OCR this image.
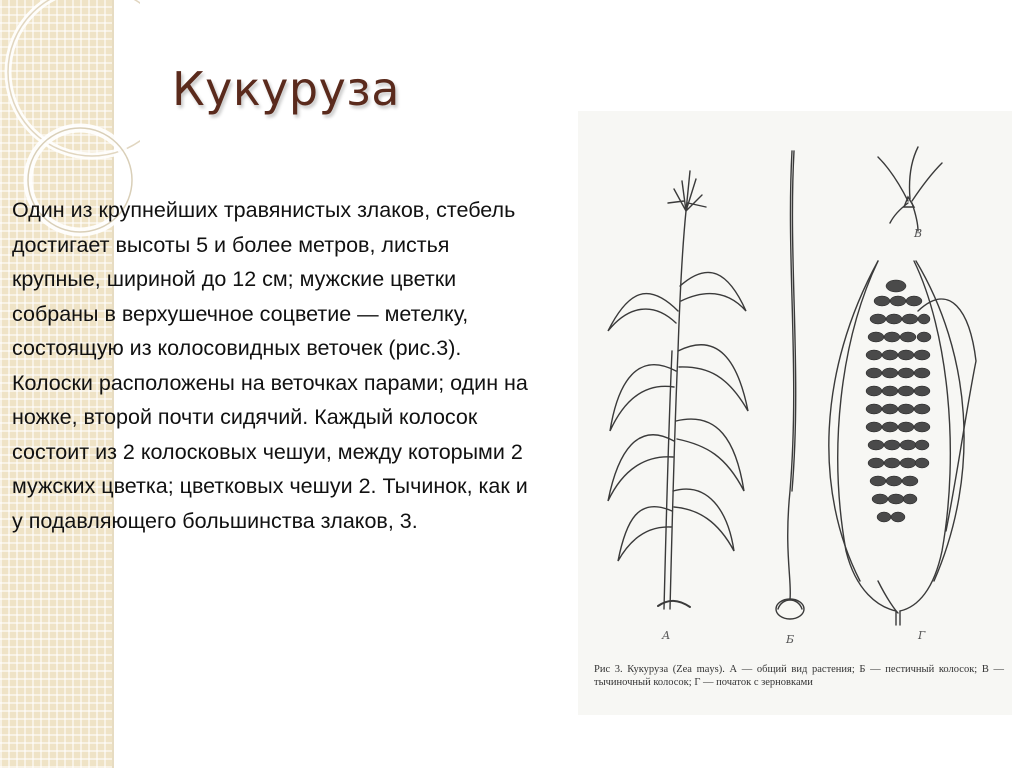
Кукуруза

Один из крупнейших травянистых злаков, стебель достигает высоты 5 и более метров, листья крупные, шириной до 12 см; мужские цветки собраны в верхушечное соцветие — метелку, состоящую из колосовидных веточек (рис.3). Колоски расположены на веточках парами; один на ножке, второй почти сидячий. Каждый колосок состоит из 2 колосковых чешуи, между которыми 2 мужских цветка; цветковых чешуи 2. Тычинок, как и у подавляющего большинства злаков, 3.

А	Б
В
Г
Рис 3. Кукуруза (Zea mays). А — общий вид растения; Б — пестичный колосок; В — тычиночный колосок; Г — початок с зерновками
